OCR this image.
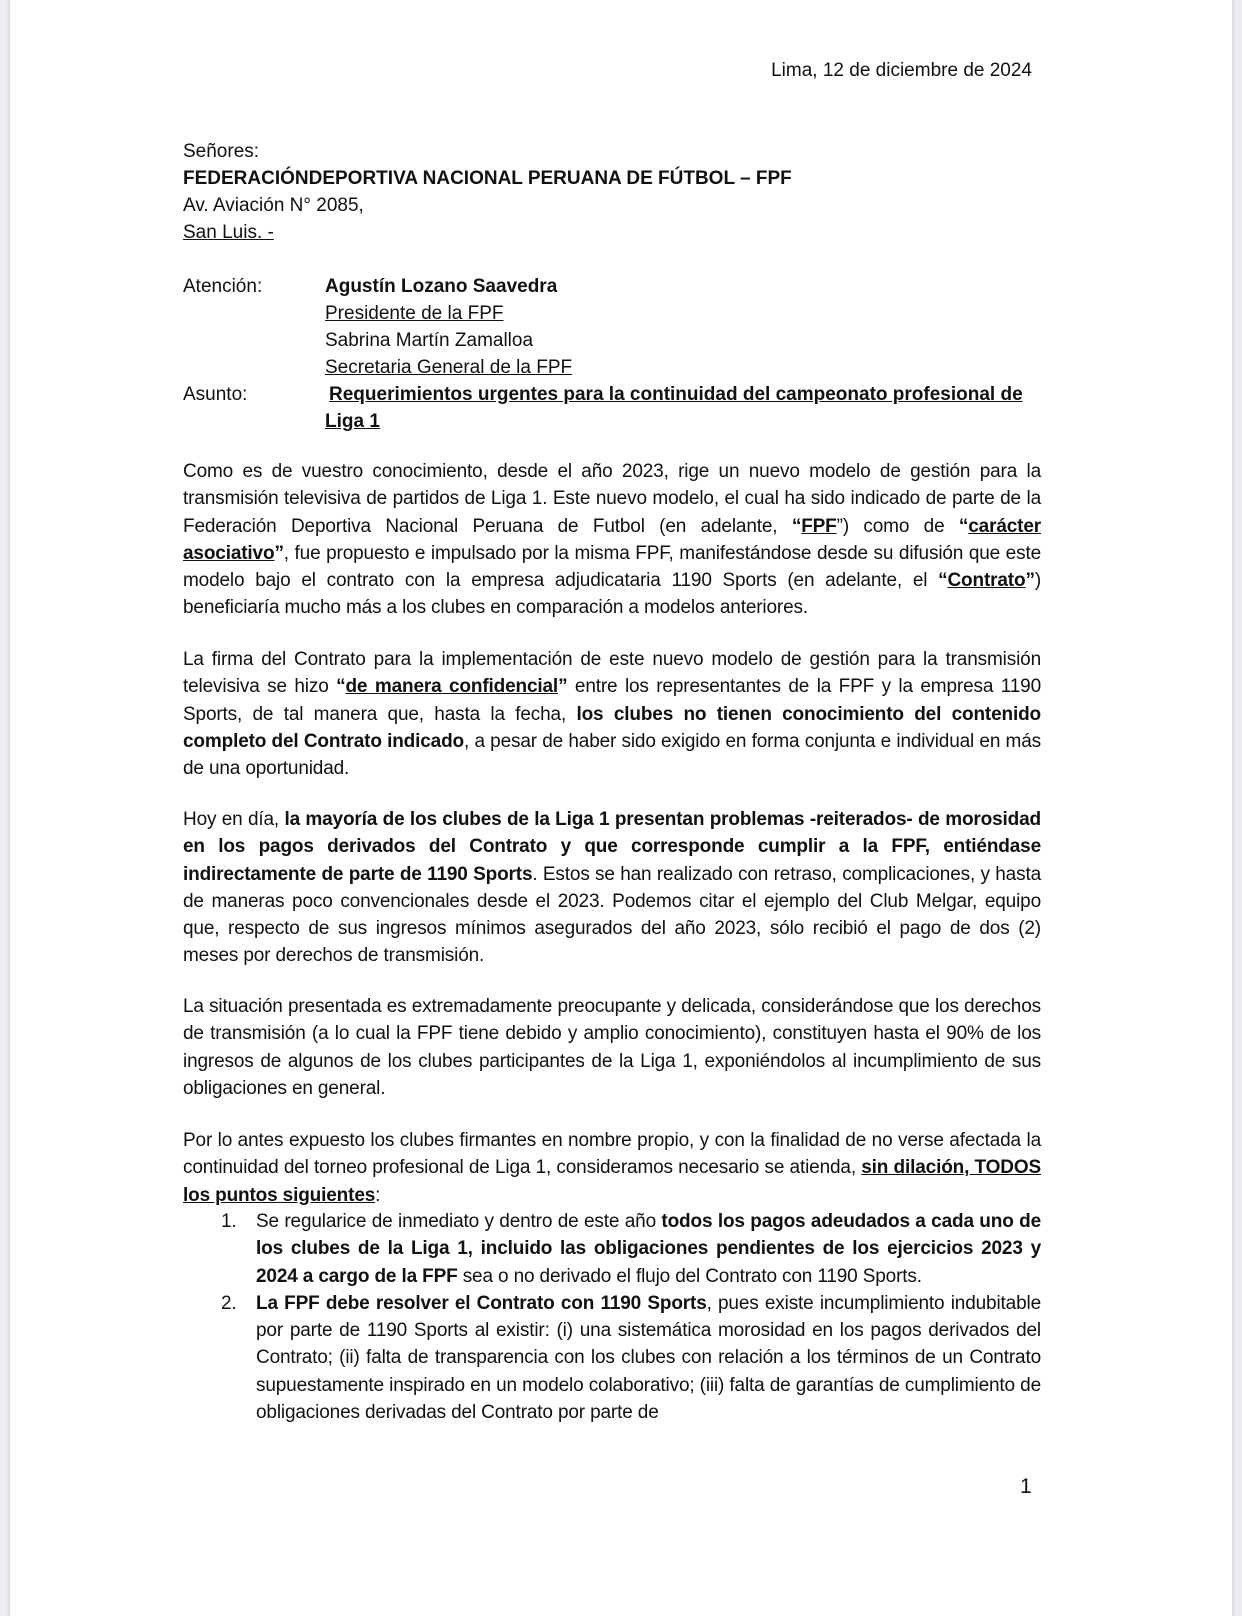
Lima, 12 de diciembre de 2024
Señores:
FEDERACIÓNDEPORTIVA NACIONAL PERUANA DE FÚTBOL – FPF
Av. Aviación N° 2085,
San Luis. -
Atención:	Agustín Lozano Saavedra
Presidente de la FPF
Sabrina Martín Zamalloa
Secretaria General de la FPF
Asunto:	Requerimientos urgentes para la continuidad del campeonato profesional de
Liga 1
Como es de vuestro conocimiento, desde el año 2023, rige un nuevo modelo de gestión para la transmisión televisiva de partidos de Liga 1. Este nuevo modelo, el cual ha sido indicado de parte de la Federación Deportiva Nacional Peruana de Futbol (en adelante, “FPF”) como de “carácter asociativo”, fue propuesto e impulsado por la misma FPF, manifestándose desde su difusión que este modelo bajo el contrato con la empresa adjudicataria 1190 Sports (en adelante, el “Contrato”) beneficiaría mucho más a los clubes en comparación a modelos anteriores.
La firma del Contrato para la implementación de este nuevo modelo de gestión para la transmisión televisiva se hizo “de manera confidencial” entre los representantes de la FPF y la empresa 1190 Sports, de tal manera que, hasta la fecha, los clubes no tienen conocimiento del contenido completo del Contrato indicado, a pesar de haber sido exigido en forma conjunta e individual en más de una oportunidad.
Hoy en día, la mayoría de los clubes de la Liga 1 presentan problemas -reiterados- de morosidad en los pagos derivados del Contrato y que corresponde cumplir a la FPF, entiéndase indirectamente de parte de 1190 Sports. Estos se han realizado con retraso, complicaciones, y hasta de maneras poco convencionales desde el 2023. Podemos citar el ejemplo del Club Melgar, equipo que, respecto de sus ingresos mínimos asegurados del año 2023, sólo recibió el pago de dos (2) meses por derechos de transmisión.
La situación presentada es extremadamente preocupante y delicada, considerándose que los derechos de transmisión (a lo cual la FPF tiene debido y amplio conocimiento), constituyen hasta el 90% de los ingresos de algunos de los clubes participantes de la Liga 1, exponiéndolos al incumplimiento de sus obligaciones en general.
Por lo antes expuesto los clubes firmantes en nombre propio, y con la finalidad de no verse afectada la continuidad del torneo profesional de Liga 1, consideramos necesario se atienda, sin dilación, TODOS los puntos siguientes:
1. Se regularice de inmediato y dentro de este año todos los pagos adeudados a cada uno de los clubes de la Liga 1, incluido las obligaciones pendientes de los ejercicios 2023 y 2024 a cargo de la FPF sea o no derivado el flujo del Contrato con 1190 Sports.
2. La FPF debe resolver el Contrato con 1190 Sports, pues existe incumplimiento indubitable por parte de 1190 Sports al existir: (i) una sistemática morosidad en los pagos derivados del Contrato; (ii) falta de transparencia con los clubes con relación a los términos de un Contrato supuestamente inspirado en un modelo colaborativo; (iii) falta de garantías de cumplimiento de obligaciones derivadas del Contrato por parte de
1
